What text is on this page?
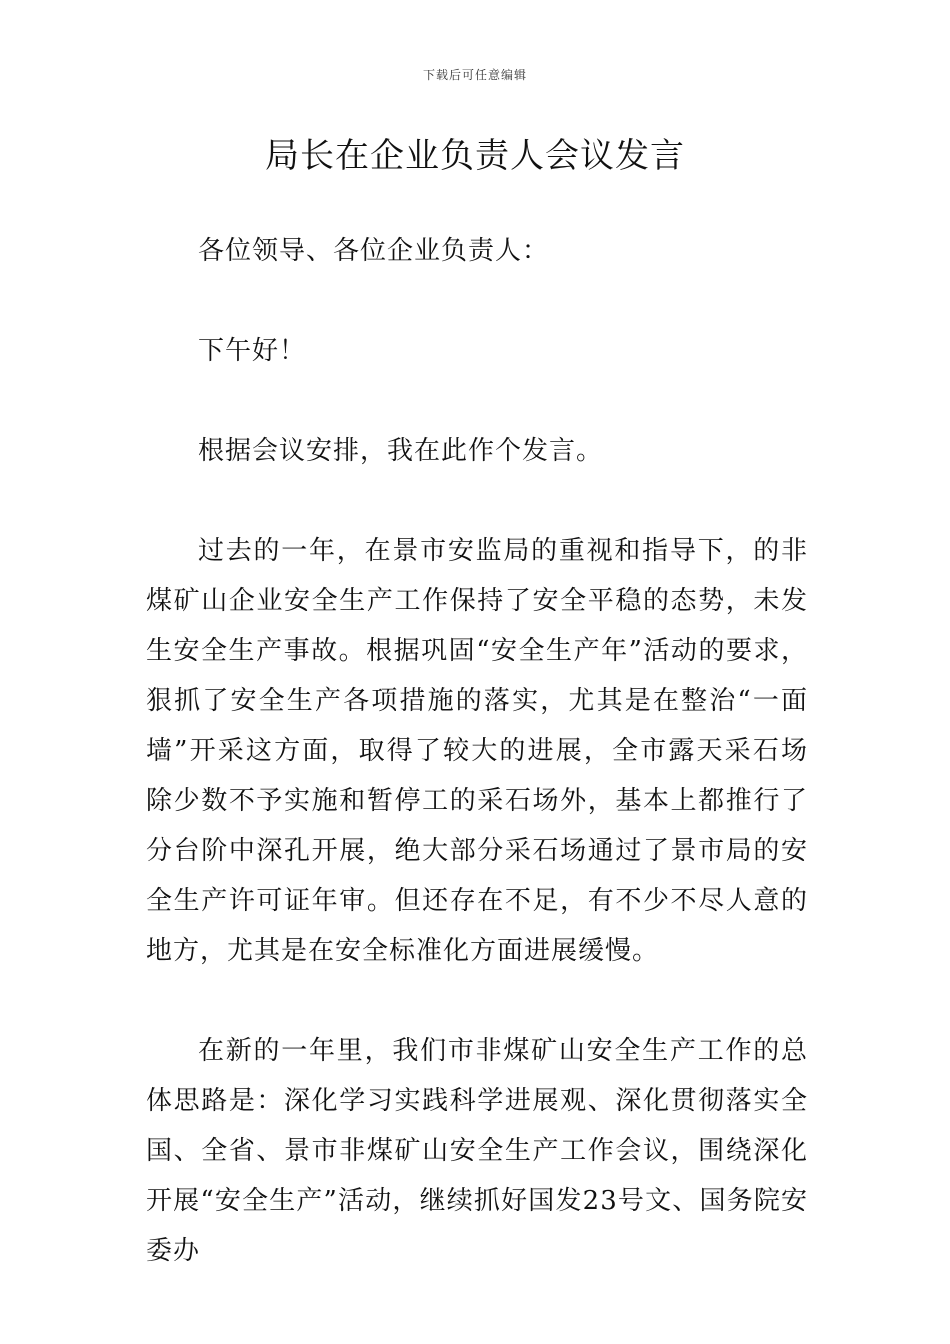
下载后可任意编辑
局长在企业负责人会议发言

各位领导、各位企业负责人：

下午好！

根据会议安排，我在此作个发言。

过去的一年，在景市安监局的重视和指导下，的非煤矿山企业安全生产工作保持了安全平稳的态势，未发生安全生产事故。根据巩固“安全生产年”活动的要求，狠抓了安全生产各项措施的落实，尤其是在整治“一面墙”开采这方面，取得了较大的进展，全市露天采石场除少数不予实施和暂停工的采石场外，基本上都推行了分台阶中深孔开展，绝大部分采石场通过了景市局的安全生产许可证年审。但还存在不足，有不少不尽人意的地方，尤其是在安全标准化方面进展缓慢。

在新的一年里，我们市非煤矿山安全生产工作的总体思路是：深化学习实践科学进展观、深化贯彻落实全国、全省、景市非煤矿山安全生产工作会议，围绕深化开展“安全生产”活动，继续抓好国发23号文、国务院安委办
